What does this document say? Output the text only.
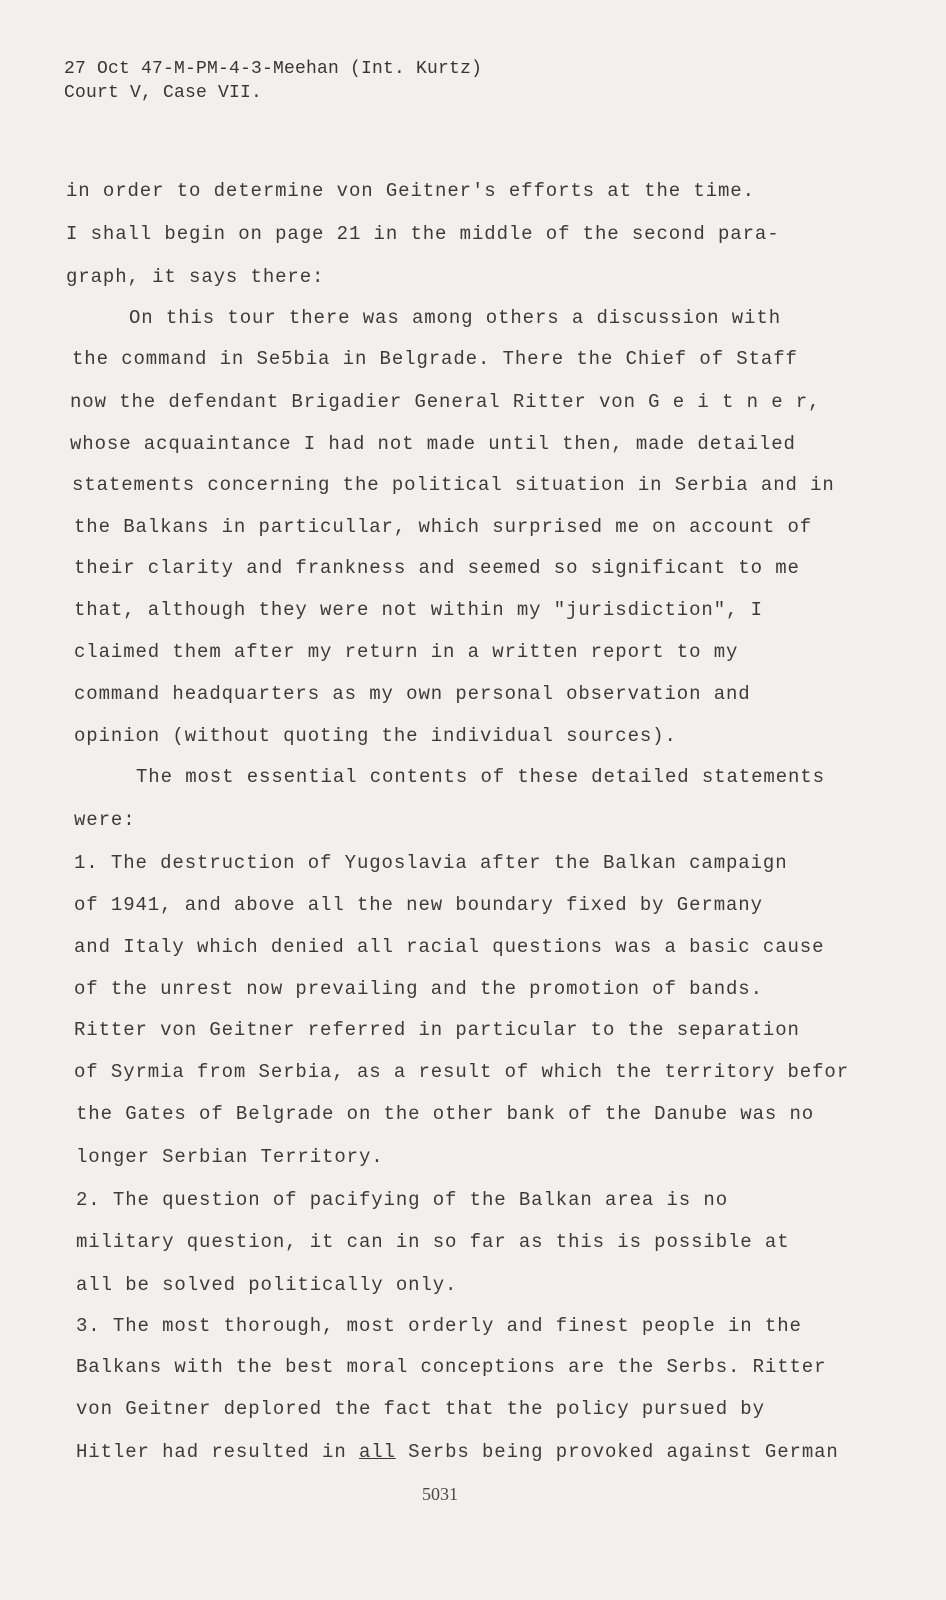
27 Oct 47-M-PM-4-3-Meehan (Int. Kurtz)
Court V, Case VII.
in order to determine von Geitner's efforts at the time.
I shall begin on page 21 in the middle of the second para-
graph, it says there:
On this tour there was among others a discussion with
the command in Se5bia in Belgrade. There the Chief of Staff
now the defendant Brigadier General Ritter von G e i t n e r,
whose acquaintance I had not made until then, made detailed
statements concerning the political situation in Serbia and in
the Balkans in particullar, which surprised me on account of
their clarity and frankness and seemed so significant to me
that, although they were not within my "jurisdiction", I
claimed them after my return in a written report to my
command headquarters as my own personal observation and
opinion (without quoting the individual sources).
The most essential contents of these detailed statements
were:
1. The destruction of Yugoslavia after the Balkan campaign
of 1941, and above all the new boundary fixed by Germany
and Italy which denied all racial questions was a basic cause
of the unrest now prevailing and the promotion of bands.
Ritter von Geitner referred in particular to the separation
of Syrmia from Serbia, as a result of which the territory befor
the Gates of Belgrade on the other bank of the Danube was no
longer Serbian Territory.
2. The question of pacifying of the Balkan area is no
military question, it can in so far as this is possible at
all be solved politically only.
3. The most thorough, most orderly and finest people in the
Balkans with the best moral conceptions are the Serbs. Ritter
von Geitner deplored the fact that the policy pursued by
Hitler had resulted in all Serbs being provoked against German
5031
